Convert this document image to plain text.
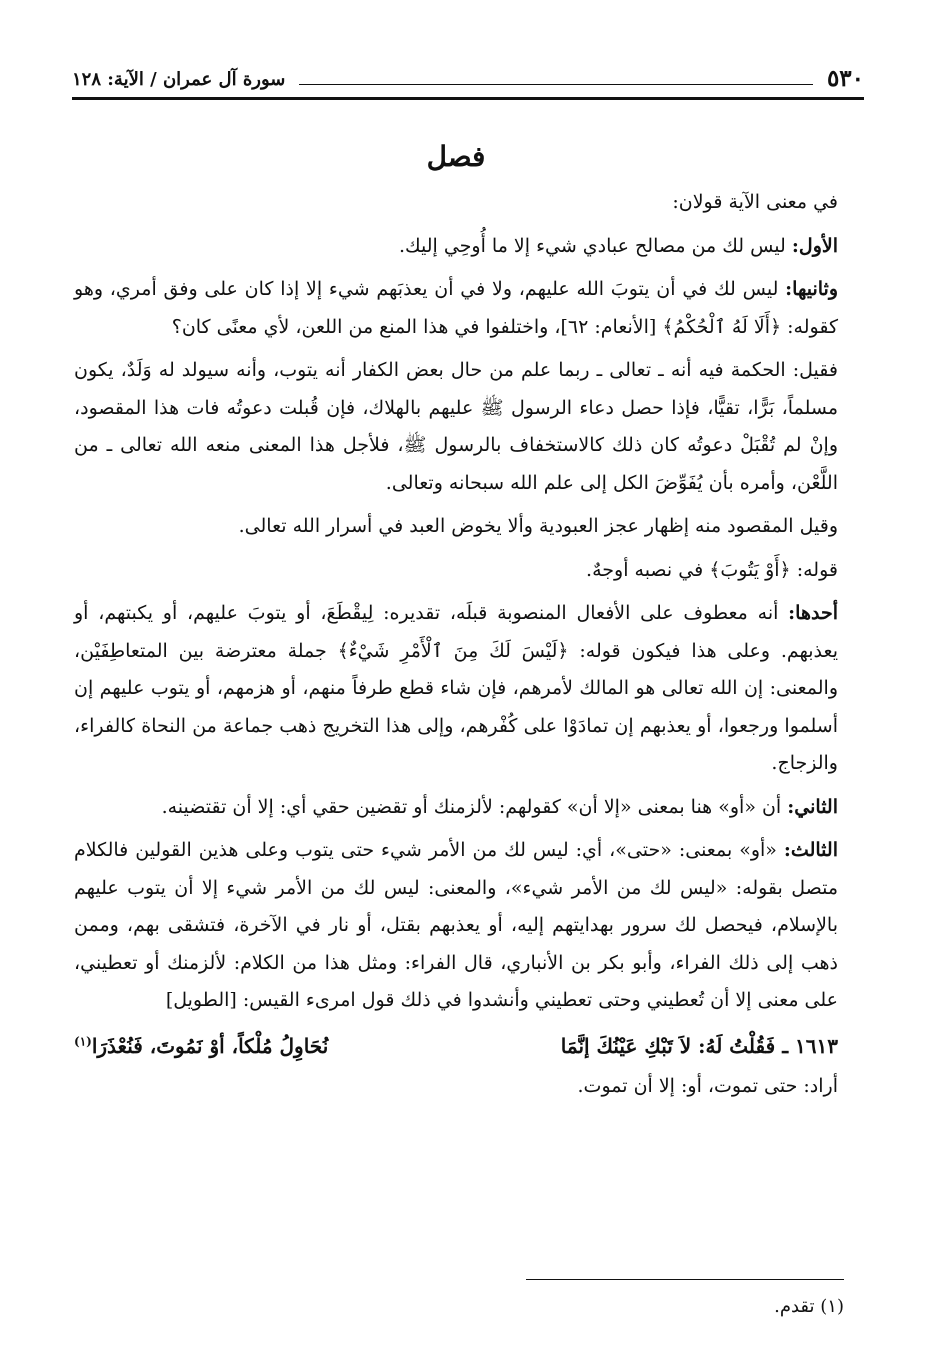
٥٣٠
سورة آل عمران / الآية: ١٢٨
فصل

في معنى الآية قولان:

الأول: ليس لك من مصالح عبادي شيء إلا ما أُوحِي إليك.

وثانيها: ليس لك في أن يتوبَ الله عليهم، ولا في أن يعذبَهم شيء إلا إذا كان على وفق أمري، وهو كقوله: ﴿أَلَا لَهُ ٱلْحُكْمُ﴾ [الأنعام: ٦٢]، واختلفوا في هذا المنع من اللعن، لأي معنًى كان؟

فقيل: الحكمة فيه أنه ـ تعالى ـ ربما علم من حال بعض الكفار أنه يتوب، وأنه سيولد له وَلَدٌ، يكون مسلماً، بَرًّا، تقيًّا، فإذا حصل دعاء الرسول ﷺ عليهم بالهلاك، فإن قُبلت دعوتُه فات هذا المقصود، وإنْ لم تُقْبَلْ دعوتُه كان ذلك كالاستخفاف بالرسول ﷺ، فلأجل هذا المعنى منعه الله تعالى ـ من اللَّعْن، وأمره بأن يُفَوِّضَ الكل إلى علم الله سبحانه وتعالى.

وقيل المقصود منه إظهار عجز العبودية وألا يخوض العبد في أسرار الله تعالى.

قوله: ﴿أَوْ يَتُوبَ﴾ في نصبه أوجهٌ.

أحدها: أنه معطوف على الأفعال المنصوبة قبلَه، تقديره: لِيقْطَعَ، أو يتوبَ عليهم، أو يكبتهم، أو يعذبهم. وعلى هذا فيكون قوله: ﴿لَيْسَ لَكَ مِنَ ٱلْأَمْرِ شَيْءٌ﴾ جملة معترضة بين المتعاطِفَيْن، والمعنى: إن الله تعالى هو المالك لأمرهم، فإن شاء قطع طرفاً منهم، أو هزمهم، أو يتوب عليهم إن أسلموا ورجعوا، أو يعذبهم إن تمادَوْا على كُفْرهم، وإلى هذا التخريج ذهب جماعة من النحاة كالفراء، والزجاج.

الثاني: أن «أو» هنا بمعنى «إلا أن» كقولهم: لألزمنك أو تقضين حقي أي: إلا أن تقتضينه.

الثالث: «أو» بمعنى: «حتى»، أي: ليس لك من الأمر شيء حتى يتوب وعلى هذين القولين فالكلام متصل بقوله: «ليس لك من الأمر شيء»، والمعنى: ليس لك من الأمر شيء إلا أن يتوب عليهم بالإسلام، فيحصل لك سرور بهدايتهم إليه، أو يعذبهم بقتل، أو نار في الآخرة، فتشقى بهم، وممن ذهب إلى ذلك الفراء، وأبو بكر بن الأنباري، قال الفراء: ومثل هذا من الكلام: لألزمنك أو تعطيني، على معنى إلا أن تُعطيني وحتى تعطيني وأنشدوا في ذلك قول امرىء القيس: [الطويل]

١٦١٣ ـ فَقُلْتُ لَهُ: لاَ تَبْكِ عَيْنُكَ إنَّمَا
نُحَاوِلُ مُلْكاً، أوْ نَمُوتَ، فَنُعْذَرَا$^{(١)}$

أراد: حتى تموت، أو: إلا أن تموت.

(١) تقدم.
